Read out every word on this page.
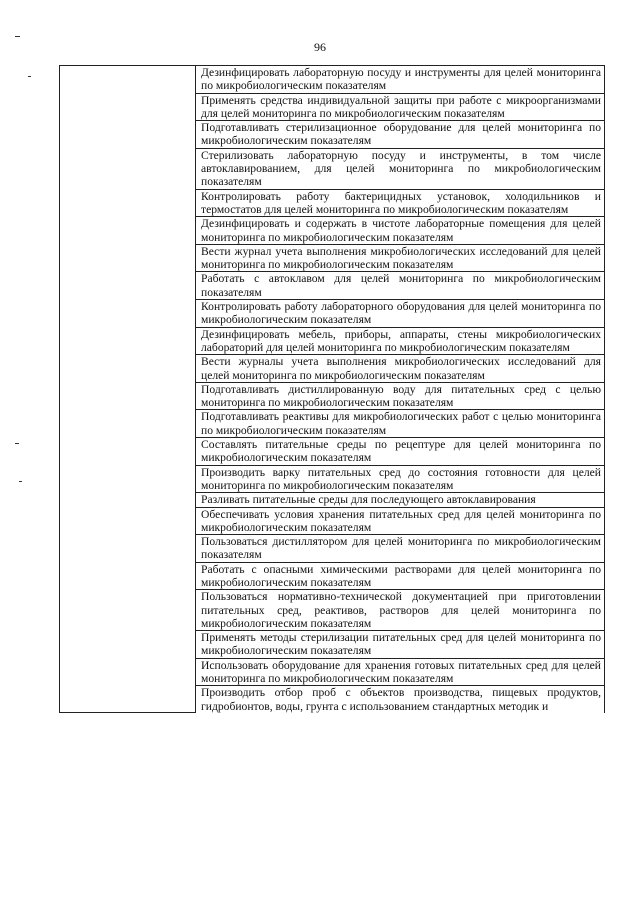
96

Дезинфицировать лабораторную посуду и инструменты для целей мониторинга по микробиологическим показателям

Применять средства индивидуальной защиты при работе с микроорганизмами для целей мониторинга по микробиологическим показателям

Подготавливать стерилизационное оборудование для целей мониторинга по микробиологическим показателям

Стерилизовать лабораторную посуду и инструменты, в том числе автоклавированием, для целей мониторинга по микробиологическим показателям

Контролировать работу бактерицидных установок, холодильников и термостатов для целей мониторинга по микробиологическим показателям

Дезинфицировать и содержать в чистоте лабораторные помещения для целей мониторинга по микробиологическим показателям

Вести журнал учета выполнения микробиологических исследований для целей мониторинга по микробиологическим показателям

Работать с автоклавом для целей мониторинга по микробиологическим показателям

Контролировать работу лабораторного оборудования для целей мониторинга по микробиологическим показателям

Дезинфицировать мебель, приборы, аппараты, стены микробиологических лабораторий для целей мониторинга по микробиологическим показателям

Вести журналы учета выполнения микробиологических исследований для целей мониторинга по микробиологическим показателям

Подготавливать дистиллированную воду для питательных сред с целью мониторинга по микробиологическим показателям

Подготавливать реактивы для микробиологических работ с целью мониторинга по микробиологическим показателям

Составлять питательные среды по рецептуре для целей мониторинга по микробиологическим показателям

Производить варку питательных сред до состояния готовности для целей мониторинга по микробиологическим показателям

Разливать питательные среды для последующего автоклавирования

Обеспечивать условия хранения питательных сред для целей мониторинга по микробиологическим показателям

Пользоваться дистиллятором для целей мониторинга по микробиологическим показателям

Работать с опасными химическими растворами для целей мониторинга по микробиологическим показателям

Пользоваться нормативно-технической документацией при приготовлении питательных сред, реактивов, растворов для целей мониторинга по микробиологическим показателям

Применять методы стерилизации питательных сред для целей мониторинга по микробиологическим показателям

Использовать оборудование для хранения готовых питательных сред для целей мониторинга по микробиологическим показателям

Производить отбор проб с объектов производства, пищевых продуктов, гидробионтов, воды, грунта с использованием стандартных методик и
